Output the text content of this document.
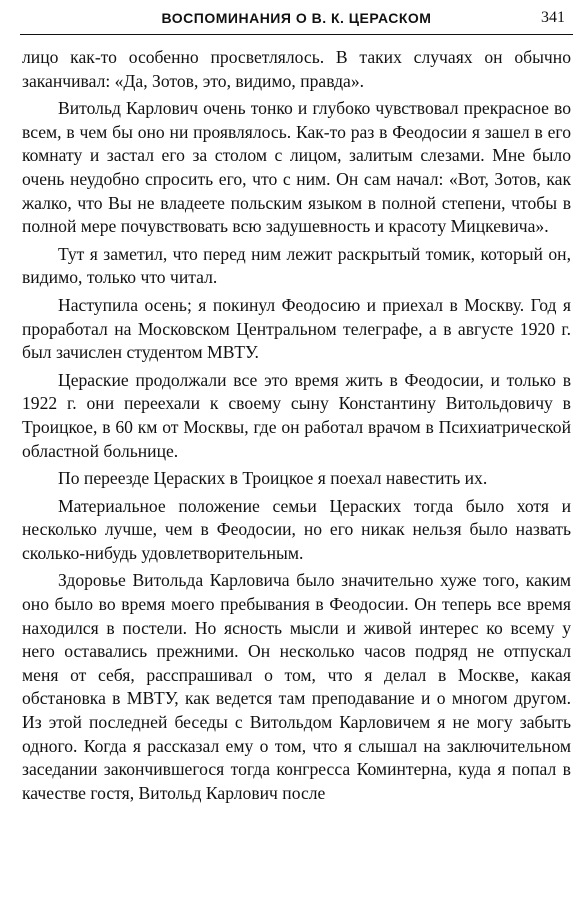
ВОСПОМИНАНИЯ О В. К. ЦЕРАСКОМ	341

лицо как-то особенно просветлялось. В таких случаях он обычно заканчивал: «Да, Зотов, это, видимо, правда».

Витольд Карлович очень тонко и глубоко чувствовал прекрасное во всем, в чем бы оно ни проявлялось. Как-то раз в Феодосии я зашел в его комнату и застал его за столом с лицом, залитым слезами. Мне было очень неудобно спросить его, что с ним. Он сам начал: «Вот, Зотов, как жалко, что Вы не владеете польским языком в полной степени, чтобы в полной мере почувствовать всю задушевность и красоту Мицкевича».

Тут я заметил, что перед ним лежит раскрытый томик, который он, видимо, только что читал.

Наступила осень; я покинул Феодосию и приехал в Москву. Год я проработал на Московском Центральном телеграфе, а в августе 1920 г. был зачислен студентом МВТУ.

Цераские продолжали все это время жить в Феодосии, и только в 1922 г. они переехали к своему сыну Константину Витольдовичу в Троицкое, в 60 км от Москвы, где он работал врачом в Психиатрической областной больнице.

По переезде Цераских в Троицкое я поехал навестить их.

Материальное положение семьи Цераских тогда было хотя и несколько лучше, чем в Феодосии, но его никак нельзя было назвать сколько-нибудь удовлетворительным.

Здоровье Витольда Карловича было значительно хуже того, каким оно было во время моего пребывания в Феодосии. Он теперь все время находился в постели. Но ясность мысли и живой интерес ко всему у него оставались прежними. Он несколько часов подряд не отпускал меня от себя, расспрашивал о том, что я делал в Москве, какая обстановка в МВТУ, как ведется там преподавание и о многом другом. Из этой последней беседы с Витольдом Карловичем я не могу забыть одного. Когда я рассказал ему о том, что я слышал на заключительном заседании закончившегося тогда конгресса Коминтерна, куда я попал в качестве гостя, Витольд Карлович после
